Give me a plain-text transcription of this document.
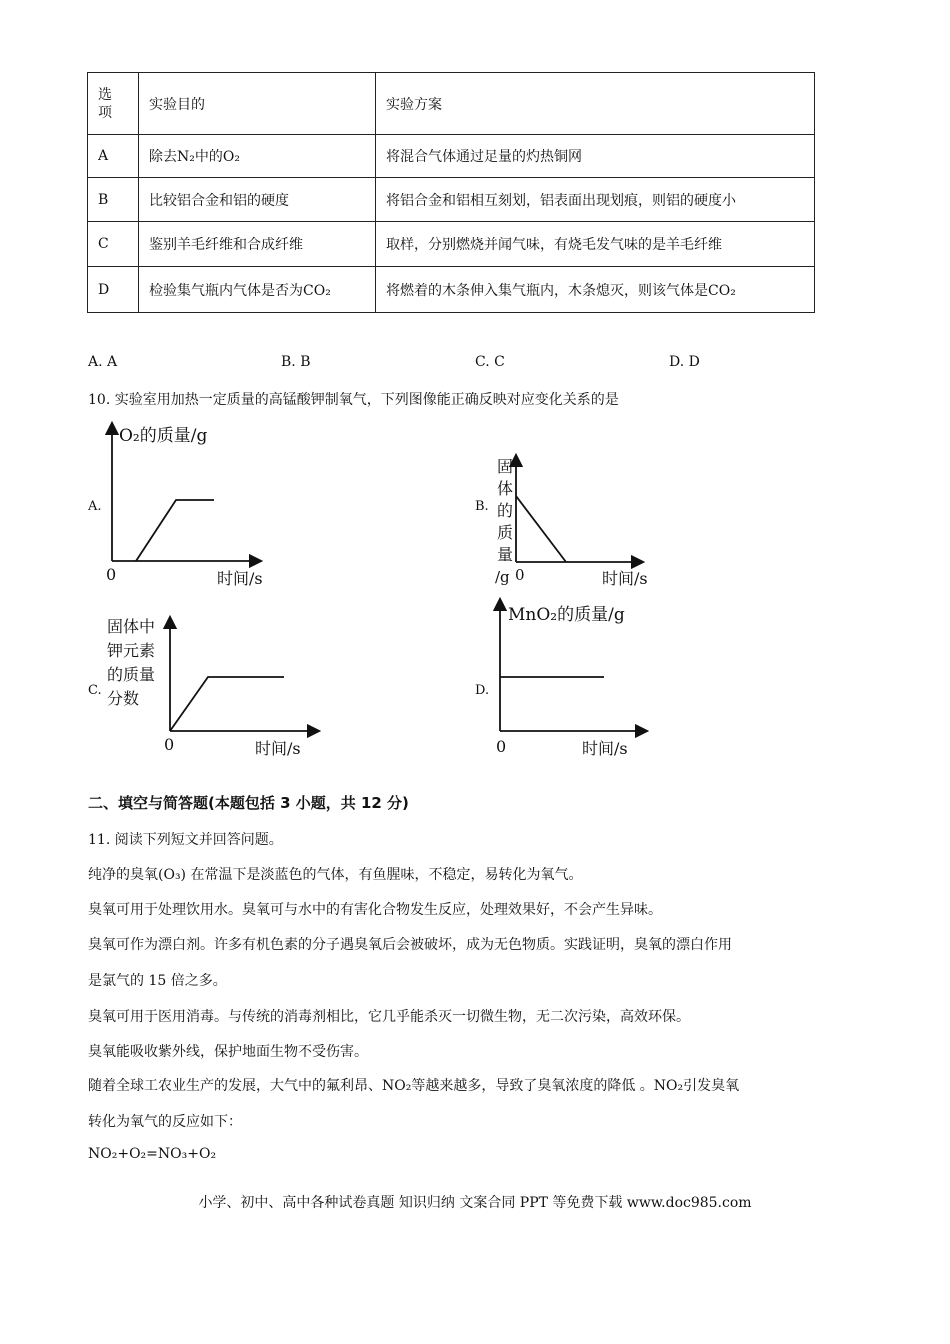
选
项	实验目的	实验方案
A	除去N₂中的O₂	将混合气体通过足量的灼热铜网
B	比较铝合金和铝的硬度	将铝合金和铝相互刻划，铝表面出现划痕，则铝的硬度小
C	鉴别羊毛纤维和合成纤维	取样，分别燃烧并闻气味，有烧毛发气味的是羊毛纤维
D	检验集气瓶内气体是否为CO₂	将燃着的木条伸入集气瓶内，木条熄灭，则该气体是CO₂
A. A	B. B	C. C	D. D
10. 实验室用加热一定质量的高锰酸钾制氧气，下列图像能正确反映对应变化关系的是
A.	B.
C.	D.
O₂的质量/g
0	时间/s
固
体
的
质
量
/g 0	时间/s
固体中
钾元素
的质量
分数
0	时间/s
MnO₂的质量/g
0	时间/s
二、填空与简答题(本题包括 3 小题，共 12 分)
11. 阅读下列短文并回答问题。
纯净的臭氧(O₃) 在常温下是淡蓝色的气体，有鱼腥味，不稳定，易转化为氧气。
臭氧可用于处理饮用水。臭氧可与水中的有害化合物发生反应，处理效果好，不会产生异味。
臭氧可作为漂白剂。许多有机色素的分子遇臭氧后会被破坏，成为无色物质。实践证明，臭氧的漂白作用
是氯气的 15 倍之多。
臭氧可用于医用消毒。与传统的消毒剂相比，它几乎能杀灭一切微生物，无二次污染，高效环保。
臭氧能吸收紫外线，保护地面生物不受伤害。
随着全球工农业生产的发展，大气中的氟利昂、NO₂等越来越多，导致了臭氧浓度的降低 。NO₂引发臭氧
转化为氧气的反应如下：
NO₂+O₂=NO₃+O₂
小学、初中、高中各种试卷真题 知识归纳 文案合同 PPT 等免费下载 www.doc985.com
